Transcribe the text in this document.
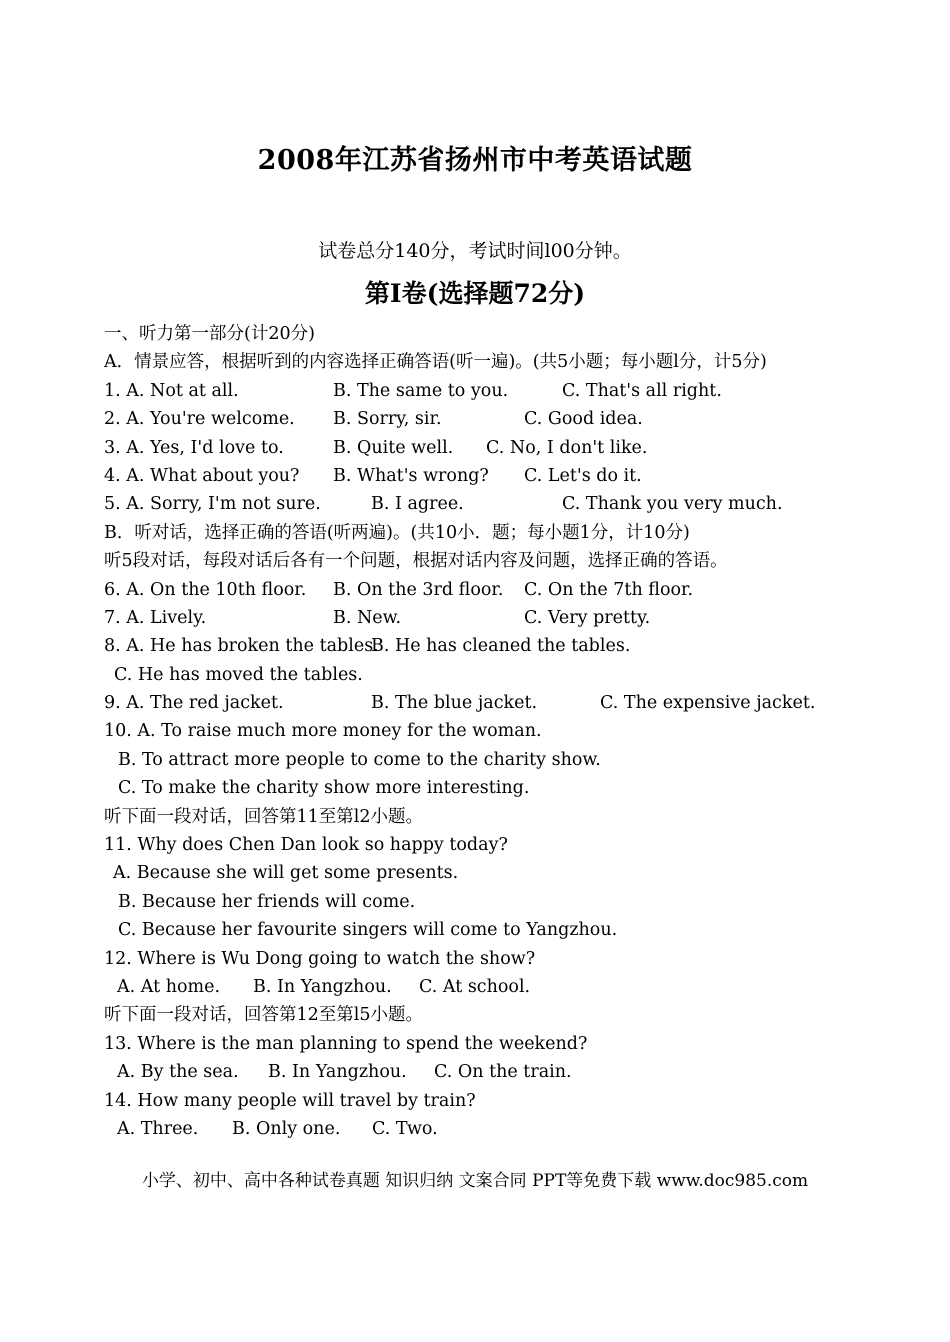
2008年江苏省扬州市中考英语试题
试卷总分140分，考试时间l00分钟。
第I卷(选择题72分)
一、听力第一部分(计20分)
A．情景应答，根据听到的内容选择正确答语(听一遍)。(共5小题；每小题l分，计5分)
1. A. Not at all.	B. The same to you.	C. That's all right.
2. A. You're welcome. B. Sorry, sir.	C. Good idea.
3. A. Yes, I'd love to.	B. Quite well. C. No, I don't like.
4. A. What about you? B. What's wrong? C. Let's do it.
5. A. Sorry, I'm not sure.	B. I agree.	C. Thank you very much.
B．听对话，选择正确的答语(听两遍)。(共10小．题；每小题1分，计10分)
听5段对话，每段对话后各有一个问题，根据对话内容及问题，选择正确的答语。
6. A. On the 10th floor. B. On the 3rd floor. C. On the 7th floor.
7. A. Lively.	B. New.	C. Very pretty.
8. A. He has broken the tables.
B. He has cleaned the tables.
C. He has moved the tables.
9. A. The red jacket.	B. The blue jacket.	C. The expensive jacket.
10. A. To raise much more money for the woman.
B. To attract more people to come to the charity show.
C. To make the charity show more interesting.
听下面一段对话，回答第11至第l2小题。
11. Why does Chen Dan look so happy today?
A. Because she will get some presents.
B. Because her friends will come.
C. Because her favourite singers will come to Yangzhou.
12. Where is Wu Dong going to watch the show?
A. At home. B. In Yangzhou. C. At school.
听下面一段对话，回答第12至第l5小题。
13. Where is the man planning to spend the weekend?
A. By the sea. B. In Yangzhou. C. On the train.
14. How many people will travel by train?
A. Three. B. Only one. C. Two.
小学、初中、高中各种试卷真题 知识归纳 文案合同 PPT等免费下载 www.doc985.com
